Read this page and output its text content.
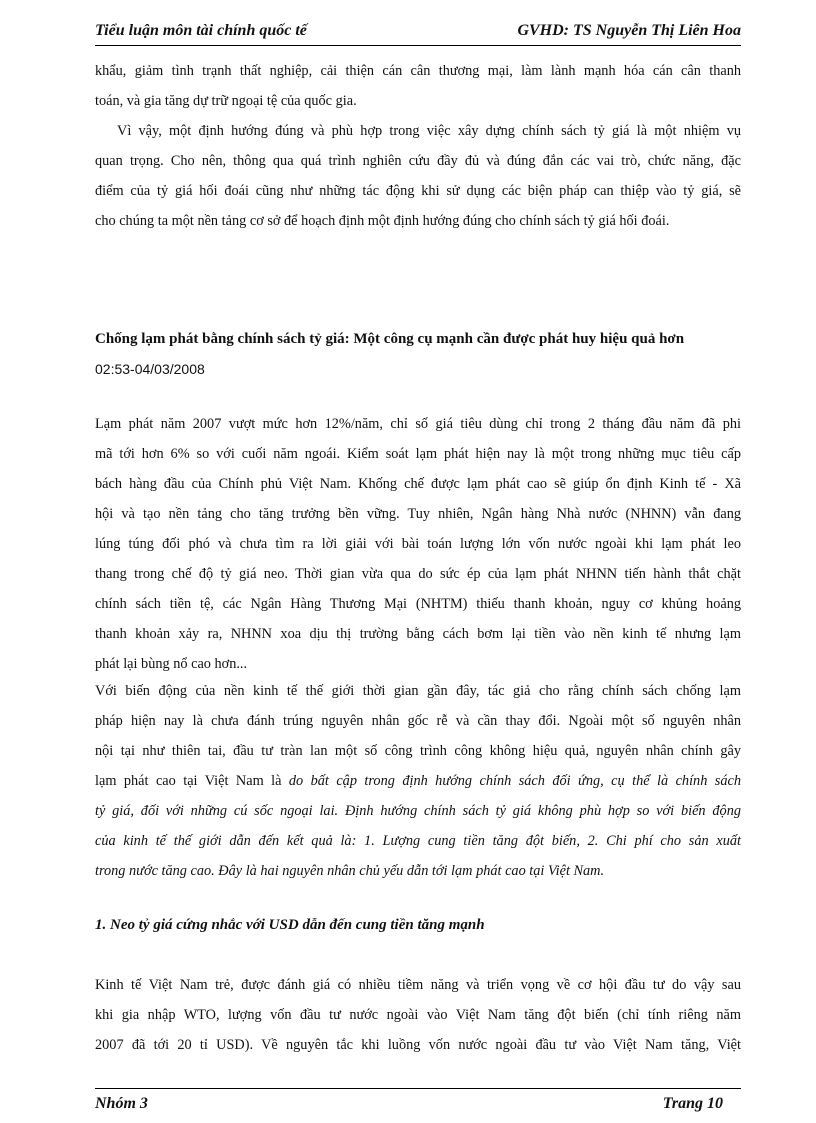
Tiểu luận môn tài chính quốc tế	GVHD: TS Nguyễn Thị Liên Hoa
khẩu, giảm tình trạnh thất nghiệp, cải thiện cán cân thương mại, làm lành mạnh hóa cán cân thanh
toán, và gia tăng dự trữ ngoại tệ của quốc gia.
Vì vậy, một định hướng đúng và phù hợp trong việc xây dựng chính sách tỷ giá là một nhiệm vụ
quan trọng. Cho nên, thông qua quá trình nghiên cứu đầy đủ và đúng đắn các vai trò, chức năng, đặc
điểm của tỷ giá hối đoái cũng như những tác động khi sử dụng các biện pháp can thiệp vào tỷ giá, sẽ
cho chúng ta một nền tảng cơ sở để hoạch định một định hướng đúng cho chính sách tỷ giá hối đoái.
Chống lạm phát bằng chính sách tỷ giá: Một công cụ mạnh cần được phát huy hiệu quả hơn
02:53-04/03/2008
Lạm phát năm 2007 vượt mức hơn 12%/năm, chỉ số giá tiêu dùng chỉ trong 2 tháng đầu năm đã phi
mã tới hơn 6% so với cuối năm ngoái. Kiểm soát lạm phát hiện nay là một trong những mục tiêu cấp
bách hàng đầu của Chính phủ Việt Nam. Khống chế được lạm phát cao sẽ giúp ổn định Kinh tế - Xã
hội và tạo nền tảng cho tăng trưởng bền vững. Tuy nhiên, Ngân hàng Nhà nước (NHNN) vẫn đang
lúng túng đối phó và chưa tìm ra lời giải với bài toán lượng lớn vốn nước ngoài khi lạm phát leo
thang trong chế độ tỷ giá neo. Thời gian vừa qua do sức ép của lạm phát NHNN tiến hành thắt chặt
chính sách tiền tệ, các Ngân Hàng Thương Mại (NHTM) thiếu thanh khoản, nguy cơ khủng hoảng
thanh khoản xảy ra, NHNN xoa dịu thị trường bằng cách bơm lại tiền vào nền kinh tế nhưng lạm
phát lại bùng nổ cao hơn...
Với biến động của nền kinh tế thế giới thời gian gần đây, tác giả cho rằng chính sách chống lạm
pháp hiện nay là chưa đánh trúng nguyên nhân gốc rễ và cần thay đổi. Ngoài một số nguyên nhân
nội tại như thiên tai, đầu tư tràn lan một số công trình công không hiệu quả, nguyên nhân chính gây
lạm phát cao tại Việt Nam là do bất cập trong định hướng chính sách đối ứng, cụ thể là chính sách
tỷ giá, đối với những cú sốc ngoại lai. Định hướng chính sách tỷ giá không phù hợp so với biến động
của kinh tế thế giới dẫn đến kết quả là: 1. Lượng cung tiền tăng đột biến, 2. Chi phí cho sản xuất
trong nước tăng cao. Đây là hai nguyên nhân chủ yếu dẫn tới lạm phát cao tại Việt Nam.
1. Neo tỷ giá cứng nhắc với USD dẫn đến cung tiền tăng mạnh
Kinh tế Việt Nam trẻ, được đánh giá có nhiều tiềm năng và triển vọng về cơ hội đầu tư do vậy sau
khi gia nhập WTO, lượng vốn đầu tư nước ngoài vào Việt Nam tăng đột biến (chỉ tính riêng năm
2007 đã tới 20 tỉ USD). Về nguyên tắc khi luồng vốn nước ngoài đầu tư vào Việt Nam tăng, Việt
Nhóm 3	Trang 10
